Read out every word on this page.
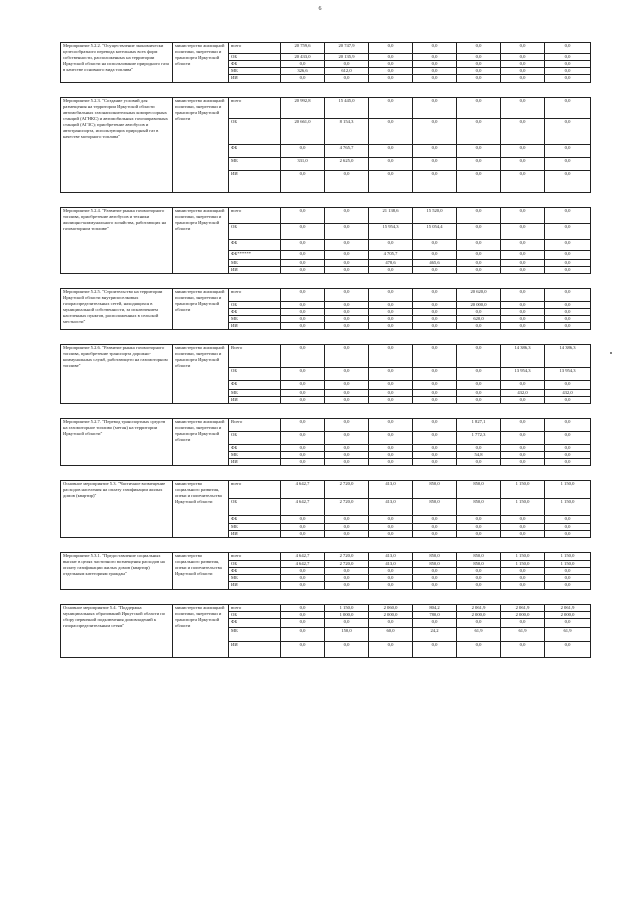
6
Мероприятие 5.2.2. "Осуществление экономически целесообразного перевода котельных всех форм собственности, расположенных на территории Иркутской области на использование природного газа в качестве основного вида топлива"	министерство жилищной политики, энергетики и транспорта Иркутской области	всего	20 759,6	20 747,9	0,0	0,0	0,0	0,0	0,0
		ОБ	20 433,0	20 135,9	0,0	0,0	0,0	0,0	0,0
		ФБ	0,0	0,0	0,0	0,0	0,0	0,0	0,0
		МБ	326,6	612,0	0,0	0,0	0,0	0,0	0,0
		ИИ	0,0	0,0	0,0	0,0	0,0	0,0	0,0

Мероприятие 5.2.3. "Создание условий для размещения на территории Иркутской области автомобильных газонаполнительных компрессорных станций (АГНКС) и автомобильных газозаправочных станций (АГЗС); приобретение автобусов и автотранспорта, использующих природный газ в качестве моторного топлива"	министерство жилищной политики, энергетики и транспорта Иркутской области	всего	20 992,8	15 445,0	0,0	0,0	0,0	0,0	0,0
		ОБ	20 661,0	8 154,3	0,0	0,0	0,0	0,0	0,0
		ФБ	0,0	4 765,7	0,0	0,0	0,0	0,0	0,0
		МБ	331,0	2 625,0	0,0	0,0	0,0	0,0	0,0
		ИИ	0,0	0,0	0,0	0,0	0,0	0,0	0,0

Мероприятие 5.2.4. "Развитие рынка газомоторного топлива, приобретение автобусов и техники жилищно-коммунального хозяйства, работающих на газомоторном топливе"	министерство жилищной политики, энергетики и транспорта Иркутской области	всего	0,0	0,0	21 138,6	15 520,0	0,0	0,0	0,0
		ОБ	0,0	0,0	15 954,3	15 054,4	0,0	0,0	0,0
		ФБ	0,0	0,0	0,0	0,0	0,0	0,0	0,0
		ФБ******	0,0	0,0	4 705,7	0,0	0,0	0,0	0,0
		МБ	0,0	0,0	478,6	465,6	0,0	0,0	0,0
		ИИ	0,0	0,0	0,0	0,0	0,0	0,0	0,0

Мероприятие 5.2.5. "Строительство на территории Иркутской области внутрипоселковых газораспределительных сетей, находящихся в муниципальной собственности, за исключением населенных пунктов, расположенных в сельской местности"	министерство жилищной политики, энергетики и транспорта Иркутской области	всего	0,0	0,0	0,0	0,0	20 620,0	0,0	0,0
		ОБ	0,0	0,0	0,0	0,0	20 000,0	0,0	0,0
		ФБ	0,0	0,0	0,0	0,0	0,0	0,0	0,0
		МБ	0,0	0,0	0,0	0,0	620,0	0,0	0,0
		ИИ	0,0	0,0	0,0	0,0	0,0	0,0	0,0

Мероприятие 5.2.6. "Развитие рынка газомоторного топлива, приобретение транспорта дорожно-коммунальных служб, работающего на газомоторном топливе"	министерство жилищной политики, энергетики и транспорта Иркутской области	Всего	0,0	0,0	0,0	0,0	0,0	14 386,3	14 386,3
		ОБ	0,0	0,0	0,0	0,0	0,0	13 954,3	13 954,3
		ФБ	0,0	0,0	0,0	0,0	0,0	0,0	0,0
		МБ	0,0	0,0	0,0	0,0	0,0	432,0	432,0
		ИИ	0,0	0,0	0,0	0,0	0,0	0,0	0,0

Мероприятие 5.2.7. "Перевод транспортных средств на газомоторное топливо (метан) на территории Иркутской области"	министерство жилищной политики, энергетики и транспорта Иркутской области	Всего	0,0	0,0	0,0	0,0	1 827,1	0,0	0,0
		ОБ	0,0	0,0	0,0	0,0	1 772,3	0,0	0,0
		ФБ	0,0	0,0	0,0	0,0	0,0	0,0	0,0
		МБ	0,0	0,0	0,0	0,0	54,8	0,0	0,0
		ИИ	0,0	0,0	0,0	0,0	0,0	0,0	0,0

Основное мероприятие 5.3. "Частичное возмещение расходов населения на оплату газификации жилых домов (квартир)"	министерство социального развития, опеки и попечительства Иркутской области	всего	4 642,7	2 720,0	413,0	850,0	850,0	1 150,0	1 150,0
		ОБ	4 642,7	2 720,0	413,0	850,0	850,0	1 150,0	1 150,0
		ФБ	0,0	0,0	0,0	0,0	0,0	0,0	0,0
		МБ	0,0	0,0	0,0	0,0	0,0	0,0	0,0
		ИИ	0,0	0,0	0,0	0,0	0,0	0,0	0,0

Мероприятие 5.3.1. "Предоставление социальных выплат в целях частичного возмещения расходов на оплату газификации жилых домов (квартир) отдельным категориям граждан"	министерство социального развития, опеки и попечительства Иркутской области	всего	4 642,7	2 720,0	413,0	850,0	850,0	1 150,0	1 150,0
		ОБ	4 642,7	2 720,0	413,0	850,0	850,0	1 150,0	1 150,0
		ФБ	0,0	0,0	0,0	0,0	0,0	0,0	0,0
		МБ	0,0	0,0	0,0	0,0	0,0	0,0	0,0
		ИИ	0,0	0,0	0,0	0,0	0,0	0,0	0,0

Основное мероприятие 5.4. "Поддержка муниципальных образований Иркутской области по сбору первичной подключения домовладений к газораспределительным сетям"	министерство жилищной политики, энергетики и транспорта Иркутской области	всего	0,0	1 150,0	2 060,0	804,2	2 061,9	2 061,9	2 061,9
		ОБ	0,0	1 000,0	2 000,0	780,0	2 000,0	2 000,0	2 000,0
		ФБ	0,0	0,0	0,0	0,0	0,0	0,0	0,0
		МБ	0,0	150,0	60,0	24,2	61,9	61,9	61,9
		ИИ	0,0	0,0	0,0	0,0	0,0	0,0	0,0
